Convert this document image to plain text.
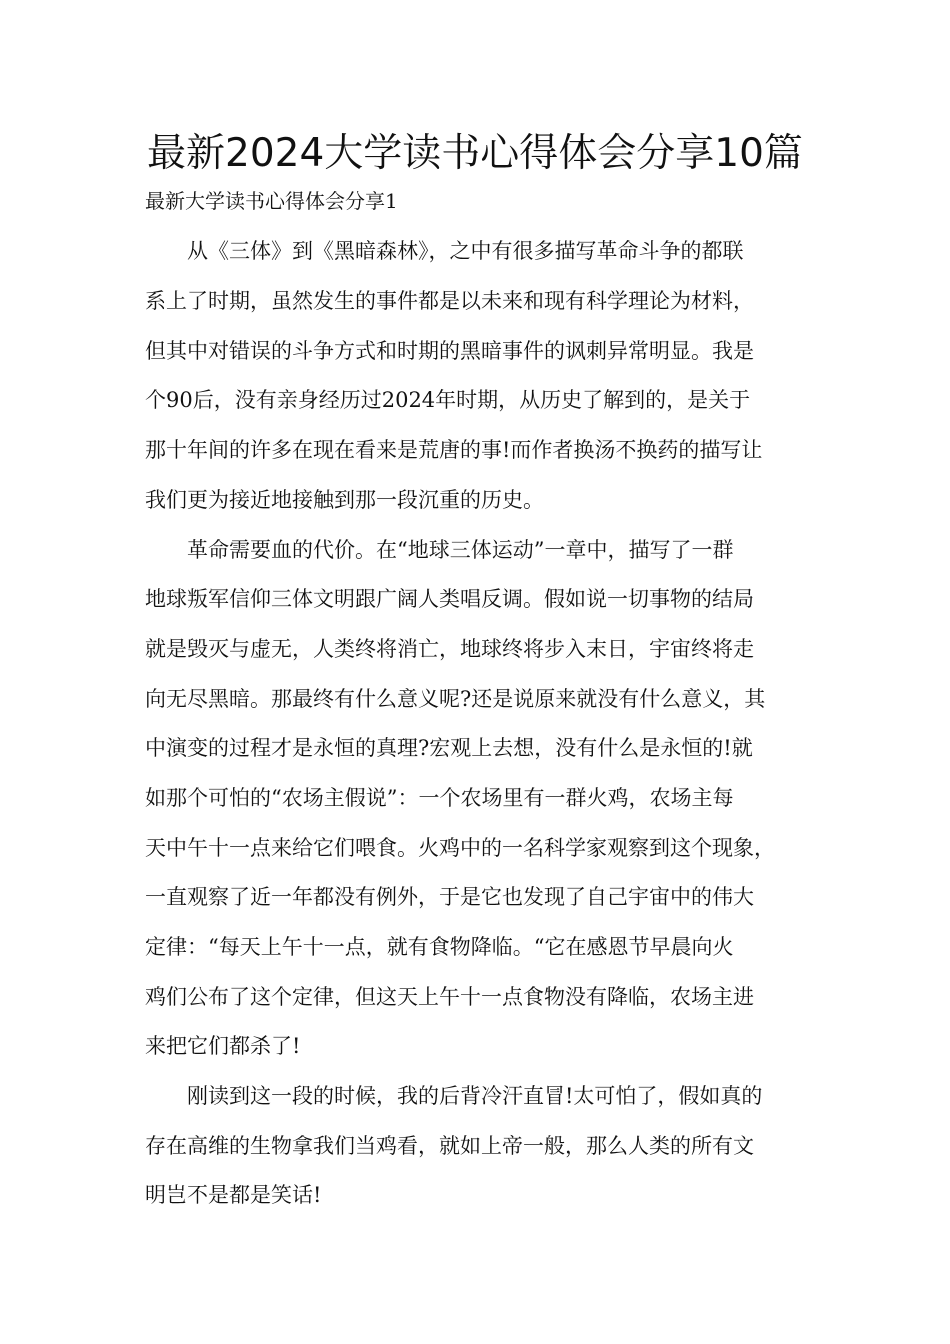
最新2024大学读书心得体会分享10篇

最新大学读书心得体会分享1

　　从《三体》到《黑暗森林》，之中有很多描写革命斗争的都联

系上了时期，虽然发生的事件都是以未来和现有科学理论为材料，

但其中对错误的斗争方式和时期的黑暗事件的讽刺异常明显。我是

个90后，没有亲身经历过2024年时期，从历史了解到的，是关于

那十年间的许多在现在看来是荒唐的事!而作者换汤不换药的描写让

我们更为接近地接触到那一段沉重的历史。

　　革命需要血的代价。在“地球三体运动”一章中，描写了一群

地球叛军信仰三体文明跟广阔人类唱反调。假如说一切事物的结局

就是毁灭与虚无，人类终将消亡，地球终将步入末日，宇宙终将走

向无尽黑暗。那最终有什么意义呢?还是说原来就没有什么意义，其

中演变的过程才是永恒的真理?宏观上去想，没有什么是永恒的!就

如那个可怕的“农场主假说”：一个农场里有一群火鸡，农场主每

天中午十一点来给它们喂食。火鸡中的一名科学家观察到这个现象，

一直观察了近一年都没有例外，于是它也发现了自己宇宙中的伟大

定律：“每天上午十一点，就有食物降临。“它在感恩节早晨向火

鸡们公布了这个定律，但这天上午十一点食物没有降临，农场主进

来把它们都杀了!

　　刚读到这一段的时候，我的后背冷汗直冒!太可怕了，假如真的

存在高维的生物拿我们当鸡看，就如上帝一般，那么人类的所有文

明岂不是都是笑话!
